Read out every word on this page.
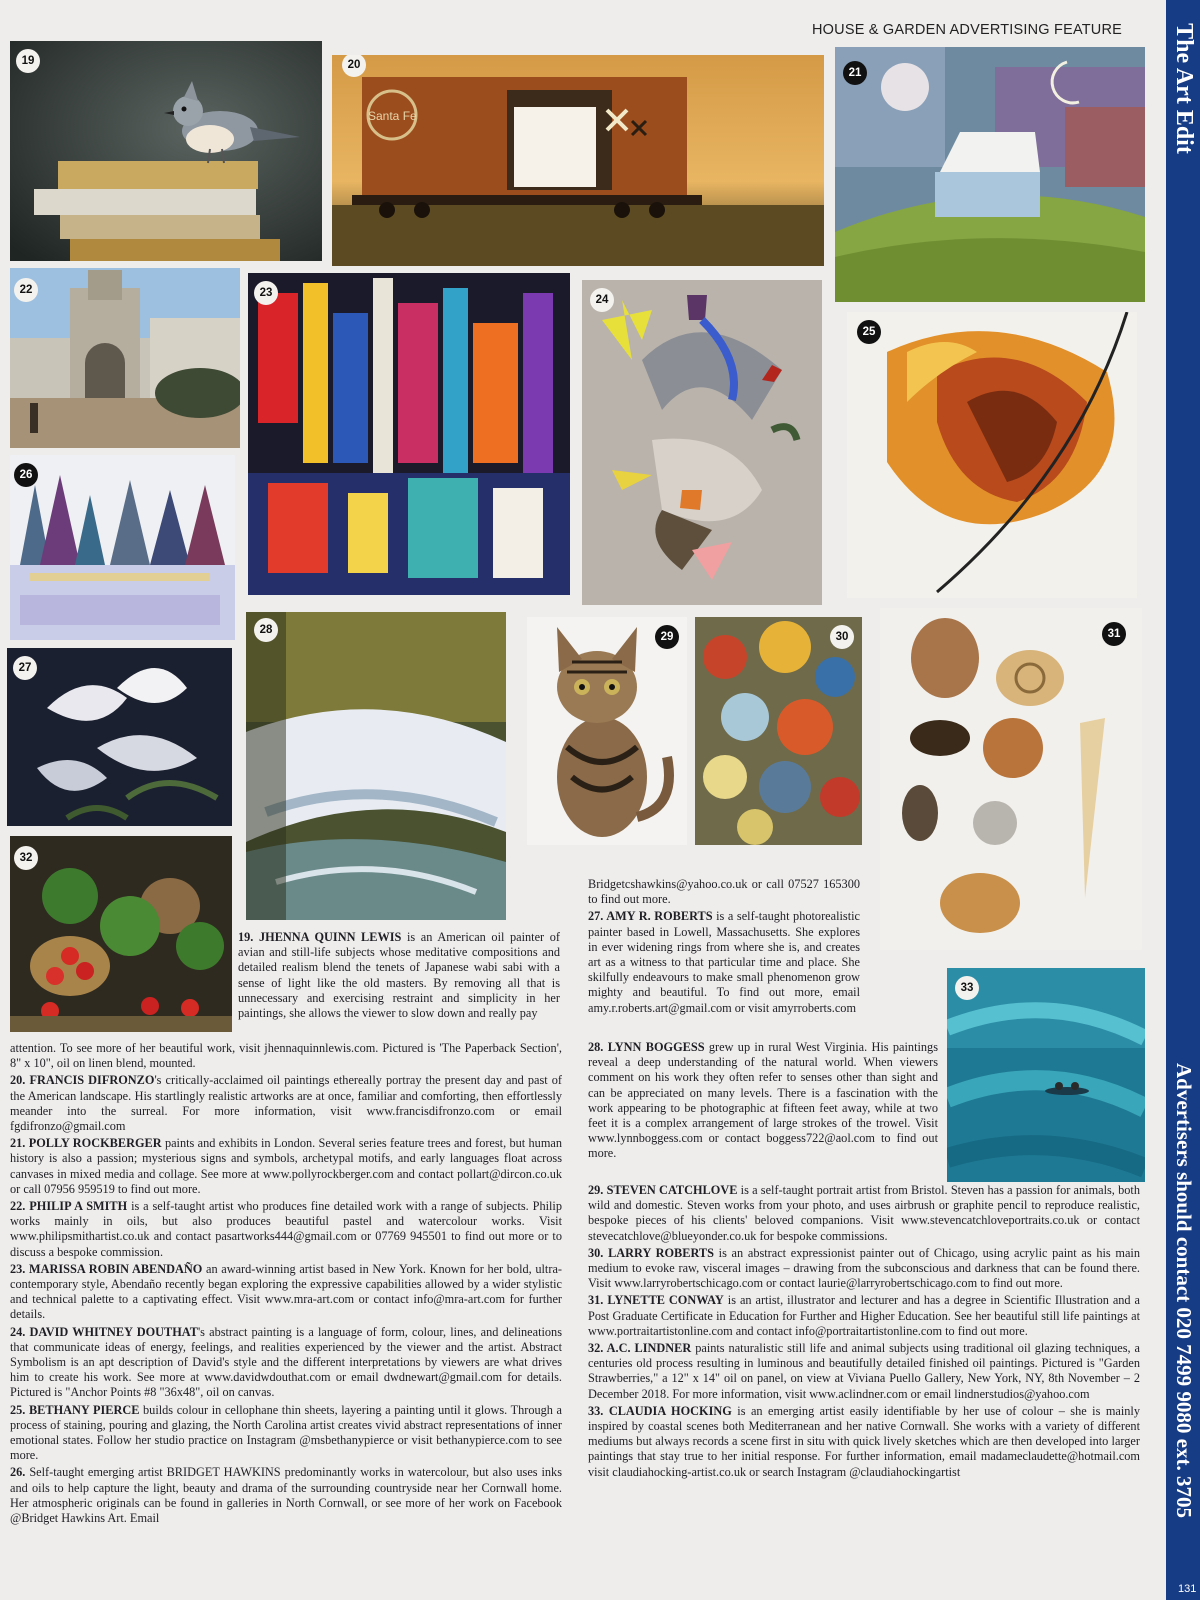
HOUSE & GARDEN ADVERTISING FEATURE
19
Santa Fe
20
21
22	23
24
25
26
27
28
29	30	31
32
33

19. JHENNA QUINN LEWIS is an American oil painter of avian and still-life subjects whose meditative compositions and detailed realism blend the tenets of Japanese wabi sabi with a sense of light like the old masters. By removing all that is unnecessary and exercising restraint and simplicity in her paintings, she allows the viewer to slow down and really pay

attention. To see more of her beautiful work, visit jhennaquinnlewis.com. Pictured is 'The Paperback Section', 8" x 10", oil on linen blend, mounted.

20. FRANCIS DIFRONZO's critically-acclaimed oil paintings ethereally portray the present day and past of the American landscape. His startlingly realistic artworks are at once, familiar and comforting, then effortlessly meander into the surreal. For more information, visit www.francisdifronzo.com or email fgdifronzo@gmail.com

21. POLLY ROCKBERGER paints and exhibits in London. Several series feature trees and forest, but human history is also a passion; mysterious signs and symbols, archetypal motifs, and early languages float across canvases in mixed media and collage. See more at www.pollyrockberger.com and contact pollart@dircon.co.uk or call 07956 959519 to find out more.

22. PHILIP A SMITH is a self-taught artist who produces fine detailed work with a range of subjects. Philip works mainly in oils, but also produces beautiful pastel and watercolour works. Visit www.philipsmithartist.co.uk and contact pasartworks444@gmail.com or 07769 945501 to find out more or to discuss a bespoke commission.

23. MARISSA ROBIN ABENDAÑO an award-winning artist based in New York. Known for her bold, ultra-contemporary style, Abendaño recently began exploring the expressive capabilities allowed by a wider stylistic and technical palette to a captivating effect. Visit www.mra-art.com or contact info@mra-art.com for further details.

24. DAVID WHITNEY DOUTHAT's abstract painting is a language of form, colour, lines, and delineations that communicate ideas of energy, feelings, and realities experienced by the viewer and the artist. Abstract Symbolism is an apt description of David's style and the different interpretations by viewers are what drives him to create his work. See more at www.davidwdouthat.com or email dwdnewart@gmail.com for details. Pictured is "Anchor Points #8 "36x48", oil on canvas.

25. BETHANY PIERCE builds colour in cellophane thin sheets, layering a painting until it glows. Through a process of staining, pouring and glazing, the North Carolina artist creates vivid abstract representations of inner emotional states. Follow her studio practice on Instagram @msbethanypierce or visit bethanypierce.com to see more.

26. Self-taught emerging artist BRIDGET HAWKINS predominantly works in watercolour, but also uses inks and oils to help capture the light, beauty and drama of the surrounding countryside near her Cornwall home. Her atmospheric originals can be found in galleries in North Cornwall, or see more of her work on Facebook @Bridget Hawkins Art. Email

Bridgetcshawkins@yahoo.co.uk or call 07527 165300 to find out more.

27. AMY R. ROBERTS is a self-taught photorealistic painter based in Lowell, Massachusetts. She explores in ever widening rings from where she is, and creates art as a witness to that particular time and place. She skilfully endeavours to make small phenomenon grow mighty and beautiful. To find out more, email amy.r.roberts.art@gmail.com or visit amyrroberts.com

28. LYNN BOGGESS grew up in rural West Virginia. His paintings reveal a deep understanding of the natural world. When viewers comment on his work they often refer to senses other than sight and can be appreciated on many levels. There is a fascination with the work appearing to be photographic at fifteen feet away, while at two feet it is a complex arrangement of large strokes of the trowel. Visit www.lynnboggess.com or contact boggess722@aol.com to find out more.

29. STEVEN CATCHLOVE is a self-taught portrait artist from Bristol. Steven has a passion for animals, both wild and domestic. Steven works from your photo, and uses airbrush or graphite pencil to reproduce realistic, bespoke pieces of his clients' beloved companions. Visit www.stevencatchloveportraits.co.uk or contact stevecatchlove@blueyonder.co.uk for bespoke commissions.

30. LARRY ROBERTS is an abstract expressionist painter out of Chicago, using acrylic paint as his main medium to evoke raw, visceral images – drawing from the subconscious and darkness that can be found there. Visit www.larryrobertschicago.com or contact laurie@larryrobertschicago.com to find out more.

31. LYNETTE CONWAY is an artist, illustrator and lecturer and has a degree in Scientific Illustration and a Post Graduate Certificate in Education for Further and Higher Education. See her beautiful still life paintings at www.portraitartistonline.com and contact info@portraitartistonline.com to find out more.

32. A.C. LINDNER paints naturalistic still life and animal subjects using traditional oil glazing techniques, a centuries old process resulting in luminous and beautifully detailed finished oil paintings. Pictured is "Garden Strawberries," a 12" x 14" oil on panel, on view at Viviana Puello Gallery, New York, NY, 8th November – 2 December 2018. For more information, visit www.aclindner.com or email lindnerstudios@yahoo.com

33. CLAUDIA HOCKING is an emerging artist easily identifiable by her use of colour – she is mainly inspired by coastal scenes both Mediterranean and her native Cornwall. She works with a variety of different mediums but always records a scene first in situ with quick lively sketches which are then developed into larger paintings that stay true to her initial response. For further information, email madameclaudette@hotmail.com visit claudiahocking-artist.co.uk or search Instagram @claudiahockingartist

The Art Edit
Advertisers should contact 020 7499 9080 ext. 3705
131
